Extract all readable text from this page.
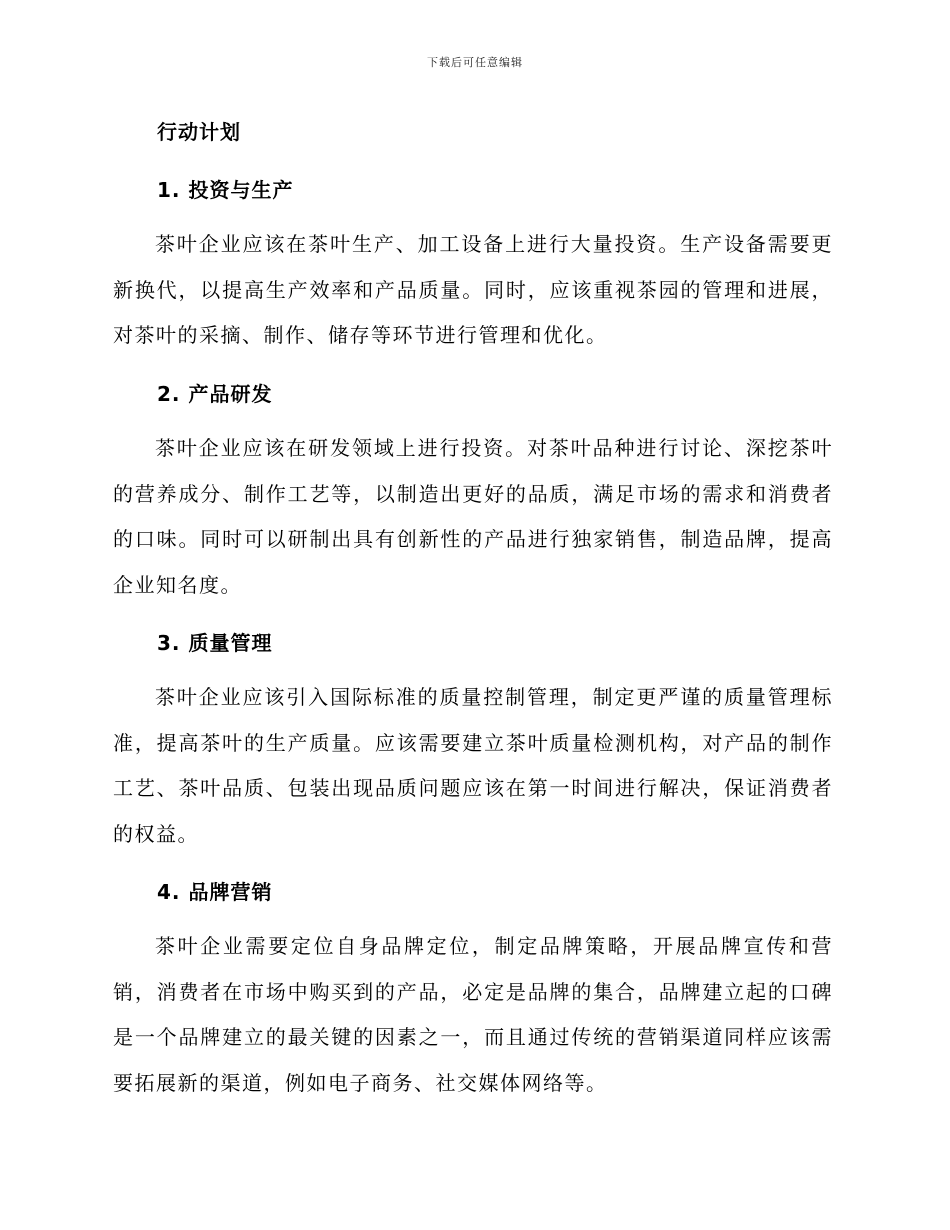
下载后可任意编辑
行动计划
1. 投资与生产
茶叶企业应该在茶叶生产、加工设备上进行大量投资。生产设备需要更新换代，以提高生产效率和产品质量。同时，应该重视茶园的管理和进展，对茶叶的采摘、制作、储存等环节进行管理和优化。
2. 产品研发
茶叶企业应该在研发领域上进行投资。对茶叶品种进行讨论、深挖茶叶的营养成分、制作工艺等，以制造出更好的品质，满足市场的需求和消费者的口味。同时可以研制出具有创新性的产品进行独家销售，制造品牌，提高企业知名度。
3. 质量管理
茶叶企业应该引入国际标准的质量控制管理，制定更严谨的质量管理标准，提高茶叶的生产质量。应该需要建立茶叶质量检测机构，对产品的制作工艺、茶叶品质、包装出现品质问题应该在第一时间进行解决，保证消费者的权益。
4. 品牌营销
茶叶企业需要定位自身品牌定位，制定品牌策略，开展品牌宣传和营销，消费者在市场中购买到的产品，必定是品牌的集合，品牌建立起的口碑是一个品牌建立的最关键的因素之一，而且通过传统的营销渠道同样应该需要拓展新的渠道，例如电子商务、社交媒体网络等。
